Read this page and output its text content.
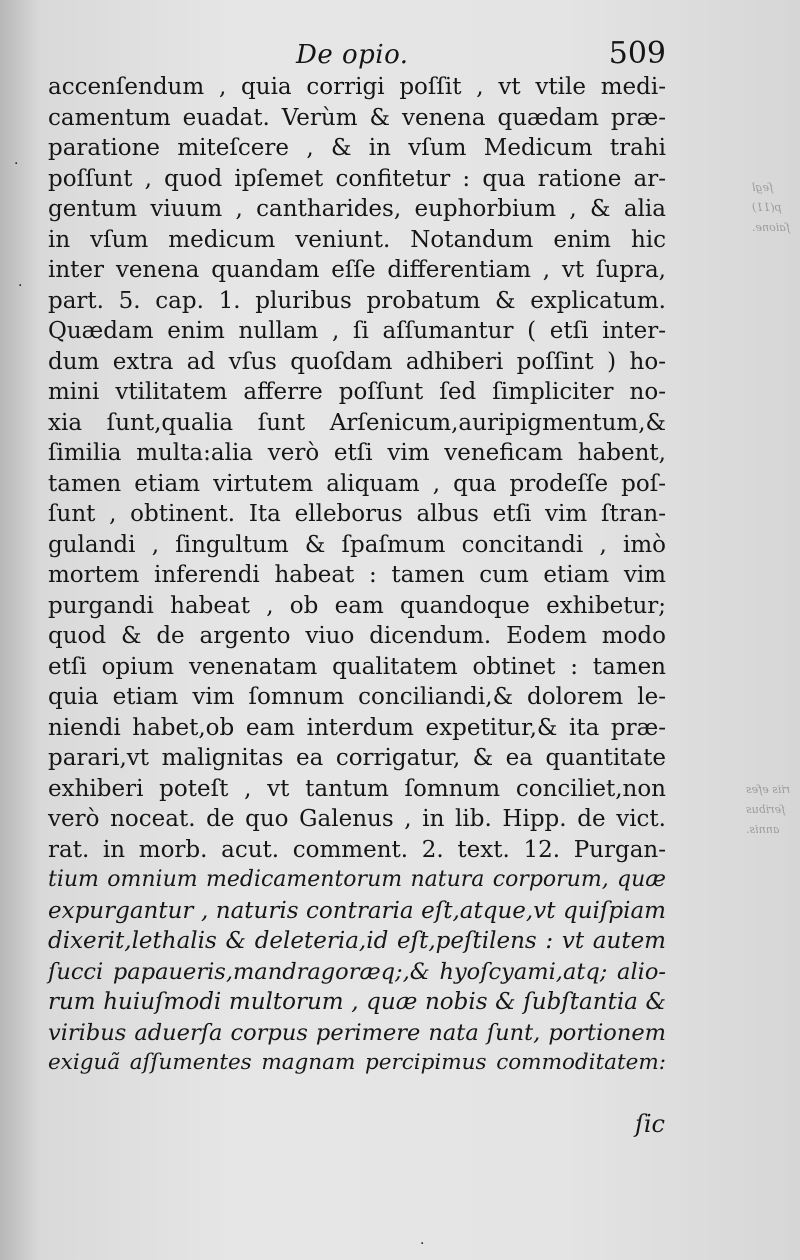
ſegl
p(11)
ſaione.
riis efes
ſeribus
annis.
De opio.	509
accenſendum , quia corrigi poſſit , vt vtile medi-
camentum euadat. Verùm & venena quædam præ-
paratione miteſcere , & in vſum Medicum trahi
poſſunt , quod ipſemet confitetur : qua ratione ar-
gentum viuum , cantharides, euphorbium , & alia
in vſum medicum veniunt. Notandum enim hic
inter venena quandam eſſe differentiam , vt ſupra,
part. 5. cap. 1. pluribus probatum & explicatum.
Quædam enim nullam , ſi aſſumantur ( etſi inter-
dum extra ad vſus quoſdam adhiberi poſſint ) ho-
mini vtilitatem afferre poſſunt ſed ſimpliciter no-
xia ſunt,qualia ſunt Arſenicum,auripigmentum,&
ſimilia multa:alia verò etſi vim veneficam habent,
tamen etiam virtutem aliquam , qua prodeſſe poſ-
ſunt , obtinent. Ita elleborus albus etſi vim ſtran-
gulandi , ſingultum & ſpaſmum concitandi , imò
mortem inferendi habeat : tamen cum etiam vim
purgandi habeat , ob eam quandoque exhibetur;
quod & de argento viuo dicendum. Eodem modo
etſi opium venenatam qualitatem obtinet : tamen
quia etiam vim ſomnum conciliandi,& dolorem le-
niendi habet,ob eam interdum expetitur,& ita præ-
parari,vt malignitas ea corrigatur, & ea quantitate
exhiberi poteſt , vt tantum ſomnum conciliet,non
verò noceat. de quo Galenus , in lib. Hipp. de vict.
rat. in morb. acut. comment. 2. text. 12. Purgan-
tium omnium medicamentorum natura corporum, quæ
expurgantur , naturis contraria eſt,atque,vt quiſpiam
dixerit,lethalis & deleteria,id eſt,peſtilens : vt autem
ſucci papaueris,mandragoræq;,& hyoſcyami,atq; alio-
rum huiuſmodi multorum , quæ nobis & ſubſtantia &
viribus aduerſa corpus perimere nata ſunt, portionem
exiguã aſſumentes magnam percipimus commoditatem:
ſic
·
·
·
